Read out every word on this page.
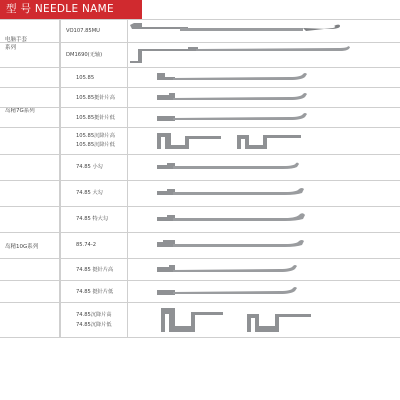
型 号 NEEDLE NAME
电脑手套
系列
VO107.85MU
DM1690(无轴)
岛精7G系列
105.85
105.85挺针片高
105.85挺针片低
105.85沉降片高
105.85沉降片低
岛精10G系列
74.85 小勾
74.85 大勾
74.85 特大勾
85.74-2
74.85 挺针片高
74.85 挺针片低
74.85沉降片高
74.85沉降片低
